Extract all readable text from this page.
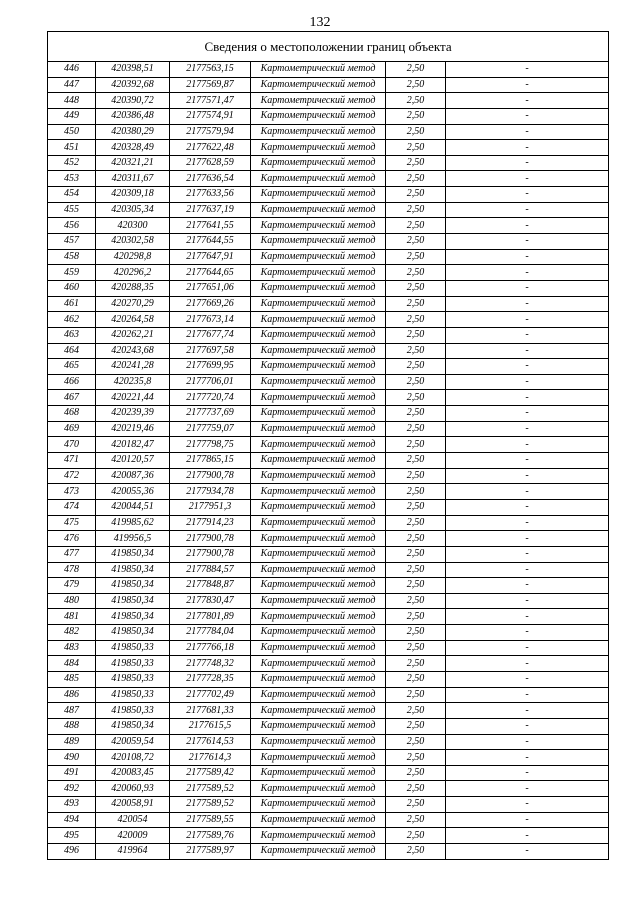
132
Сведения о местоположении границ объекта					
446	420398,51	2177563,15	Картометрический метод	2,50	-
447	420392,68	2177569,87	Картометрический метод	2,50	-
448	420390,72	2177571,47	Картометрический метод	2,50	-
449	420386,48	2177574,91	Картометрический метод	2,50	-
450	420380,29	2177579,94	Картометрический метод	2,50	-
451	420328,49	2177622,48	Картометрический метод	2,50	-
452	420321,21	2177628,59	Картометрический метод	2,50	-
453	420311,67	2177636,54	Картометрический метод	2,50	-
454	420309,18	2177633,56	Картометрический метод	2,50	-
455	420305,34	2177637,19	Картометрический метод	2,50	-
456	420300	2177641,55	Картометрический метод	2,50	-
457	420302,58	2177644,55	Картометрический метод	2,50	-
458	420298,8	2177647,91	Картометрический метод	2,50	-
459	420296,2	2177644,65	Картометрический метод	2,50	-
460	420288,35	2177651,06	Картометрический метод	2,50	-
461	420270,29	2177669,26	Картометрический метод	2,50	-
462	420264,58	2177673,14	Картометрический метод	2,50	-
463	420262,21	2177677,74	Картометрический метод	2,50	-
464	420243,68	2177697,58	Картометрический метод	2,50	-
465	420241,28	2177699,95	Картометрический метод	2,50	-
466	420235,8	2177706,01	Картометрический метод	2,50	-
467	420221,44	2177720,74	Картометрический метод	2,50	-
468	420239,39	2177737,69	Картометрический метод	2,50	-
469	420219,46	2177759,07	Картометрический метод	2,50	-
470	420182,47	2177798,75	Картометрический метод	2,50	-
471	420120,57	2177865,15	Картометрический метод	2,50	-
472	420087,36	2177900,78	Картометрический метод	2,50	-
473	420055,36	2177934,78	Картометрический метод	2,50	-
474	420044,51	2177951,3	Картометрический метод	2,50	-
475	419985,62	2177914,23	Картометрический метод	2,50	-
476	419956,5	2177900,78	Картометрический метод	2,50	-
477	419850,34	2177900,78	Картометрический метод	2,50	-
478	419850,34	2177884,57	Картометрический метод	2,50	-
479	419850,34	2177848,87	Картометрический метод	2,50	-
480	419850,34	2177830,47	Картометрический метод	2,50	-
481	419850,34	2177801,89	Картометрический метод	2,50	-
482	419850,34	2177784,04	Картометрический метод	2,50	-
483	419850,33	2177766,18	Картометрический метод	2,50	-
484	419850,33	2177748,32	Картометрический метод	2,50	-
485	419850,33	2177728,35	Картометрический метод	2,50	-
486	419850,33	2177702,49	Картометрический метод	2,50	-
487	419850,33	2177681,33	Картометрический метод	2,50	-
488	419850,34	2177615,5	Картометрический метод	2,50	-
489	420059,54	2177614,53	Картометрический метод	2,50	-
490	420108,72	2177614,3	Картометрический метод	2,50	-
491	420083,45	2177589,42	Картометрический метод	2,50	-
492	420060,93	2177589,52	Картометрический метод	2,50	-
493	420058,91	2177589,52	Картометрический метод	2,50	-
494	420054	2177589,55	Картометрический метод	2,50	-
495	420009	2177589,76	Картометрический метод	2,50	-
496	419964	2177589,97	Картометрический метод	2,50	-
